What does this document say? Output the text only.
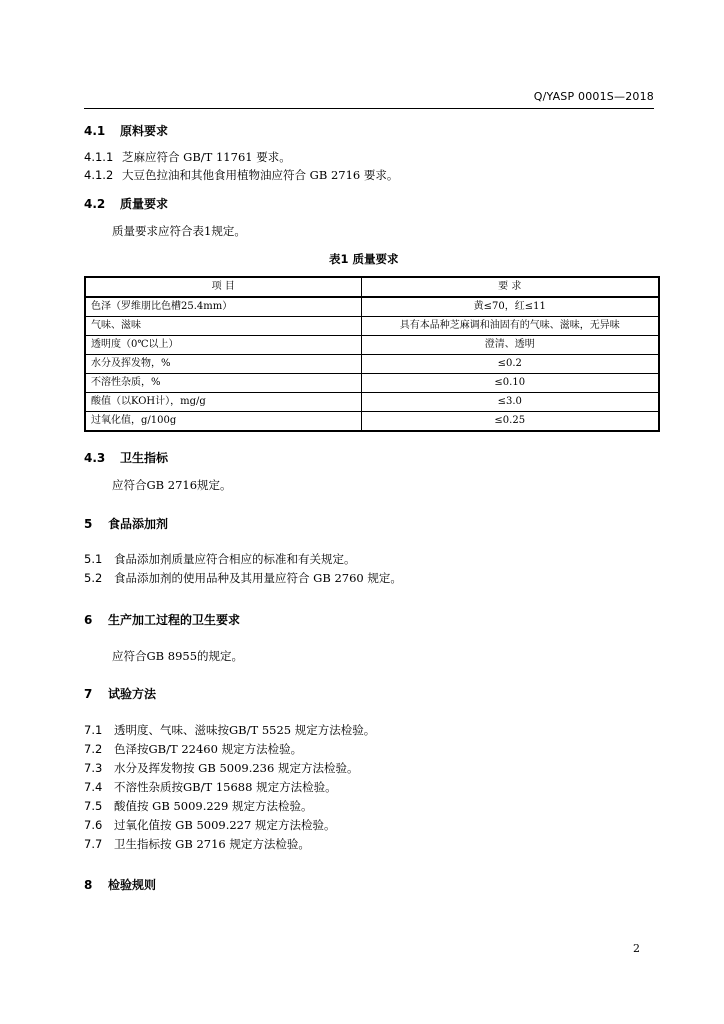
Q/YASP 0001S—2018
4.1 原料要求
4.1.1 芝麻应符合 GB/T 11761 要求。
4.1.2 大豆色拉油和其他食用植物油应符合 GB 2716 要求。
4.2 质量要求
质量要求应符合表1规定。
表1 质量要求
项 目	要 求
色泽（罗维朋比色槽25.4mm）	黄≤70，红≤11
气味、滋味	具有本品种芝麻调和油固有的气味、滋味，无异味
透明度（0℃以上）	澄清、透明
水分及挥发物，%	≤0.2
不溶性杂质，%	≤0.10
酸值（以KOH计），mg/g	≤3.0
过氧化值，g/100g	≤0.25
4.3 卫生指标
应符合GB 2716规定。
5 食品添加剂
5.1 食品添加剂质量应符合相应的标准和有关规定。
5.2 食品添加剂的使用品种及其用量应符合 GB 2760 规定。
6 生产加工过程的卫生要求
应符合GB 8955的规定。
7 试验方法
7.1 透明度、气味、滋味按GB/T 5525 规定方法检验。
7.2 色泽按GB/T 22460 规定方法检验。
7.3 水分及挥发物按 GB 5009.236 规定方法检验。
7.4 不溶性杂质按GB/T 15688 规定方法检验。
7.5 酸值按 GB 5009.229 规定方法检验。
7.6 过氧化值按 GB 5009.227 规定方法检验。
7.7 卫生指标按 GB 2716 规定方法检验。
8 检验规则
2
